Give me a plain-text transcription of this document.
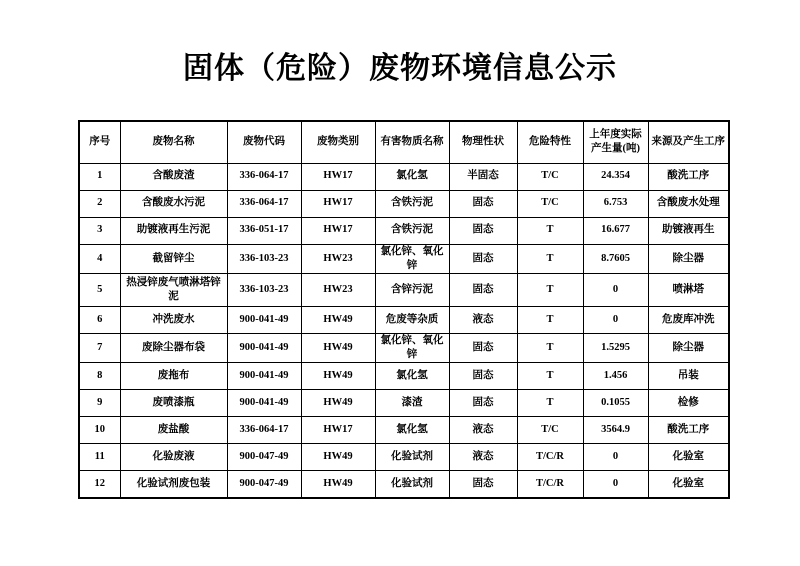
固体（危险）废物环境信息公示
序号	废物名称	废物代码	废物类别	有害物质名称	物理性状	危险特性	上年度实际产生量(吨)	来源及产生工序
1	含酸废渣	336-064-17	HW17	氯化氢	半固态	T/C	24.354	酸洗工序
2	含酸废水污泥	336-064-17	HW17	含铁污泥	固态	T/C	6.753	含酸废水处理
3	助镀液再生污泥	336-051-17	HW17	含铁污泥	固态	T	16.677	助镀液再生
4	截留锌尘	336-103-23	HW23	氯化锌、氧化锌	固态	T	8.7605	除尘器
5	热浸锌废气喷淋塔锌泥	336-103-23	HW23	含锌污泥	固态	T	0	喷淋塔
6	冲洗废水	900-041-49	HW49	危废等杂质	液态	T	0	危废库冲洗
7	废除尘器布袋	900-041-49	HW49	氯化锌、氧化锌	固态	T	1.5295	除尘器
8	废拖布	900-041-49	HW49	氯化氢	固态	T	1.456	吊装
9	废喷漆瓶	900-041-49	HW49	漆渣	固态	T	0.1055	检修
10	废盐酸	336-064-17	HW17	氯化氢	液态	T/C	3564.9	酸洗工序
11	化验废液	900-047-49	HW49	化验试剂	液态	T/C/R	0	化验室
12	化验试剂废包装	900-047-49	HW49	化验试剂	固态	T/C/R	0	化验室
